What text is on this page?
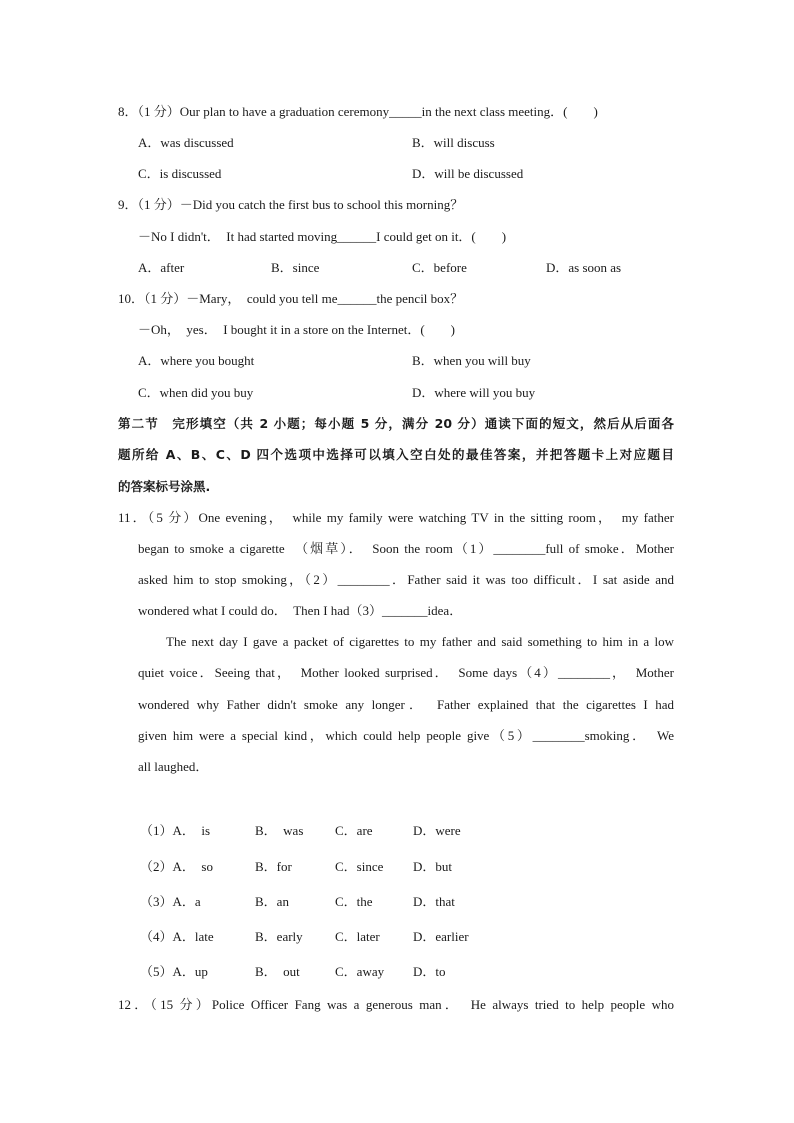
8．（1 分）Our plan to have a graduation ceremony_____in the next class meeting．(　　)
A．was discussed	B．will discuss
C．is discussed	D．will be discussed
9．（1 分）－Did you catch the first bus to school this morning？
－No I didn't．　It had started moving______I could get on it．(　　)
A．after	B．since	C．before	D．as soon as
10．（1 分）－Mary，　could you tell me______the pencil box？
－Oh，　yes．　I bought it in a store on the Internet．(　　)
A．where you bought	B．when you will buy
C．when did you buy	D．where will you buy
第二节　完形填空（共 2 小题；每小题 5 分，满分 20 分）通读下面的短文，然后从后面各
题所给 A、B、C、D 四个选项中选择可以填入空白处的最佳答案，并把答题卡上对应题目
的答案标号涂黑.
11．（5 分）One evening，　while my family were watching TV in the sitting room，　my father
began to smoke a cigarette　（烟草）．　Soon the room（1）________full of smoke．Mother
asked him to stop smoking，（2）________．Father said it was too difficult．I sat aside and
wondered what I could do．　Then I had（3）_______idea．
The next day I gave a packet of cigarettes to my father and said something to him in a low
quiet voice．Seeing that，　Mother looked surprised．　Some days（4）________，　Mother
wondered why Father didn't smoke any longer．　Father explained that the cigarettes I had
given him were a special kind，which could help people give（5）________smoking．　We
all laughed．
（1）A．　is	B．　was C．are	D．were
（2）A．　so	B．for	C．since D．but
（3）A．a	B．an	C．the	D．that
（4）A．late	B．early C．later	D．earlier
（5）A．up	B．　out	C．away D．to
12．（15 分）Police Officer Fang was a generous man．　He always tried to help people who
